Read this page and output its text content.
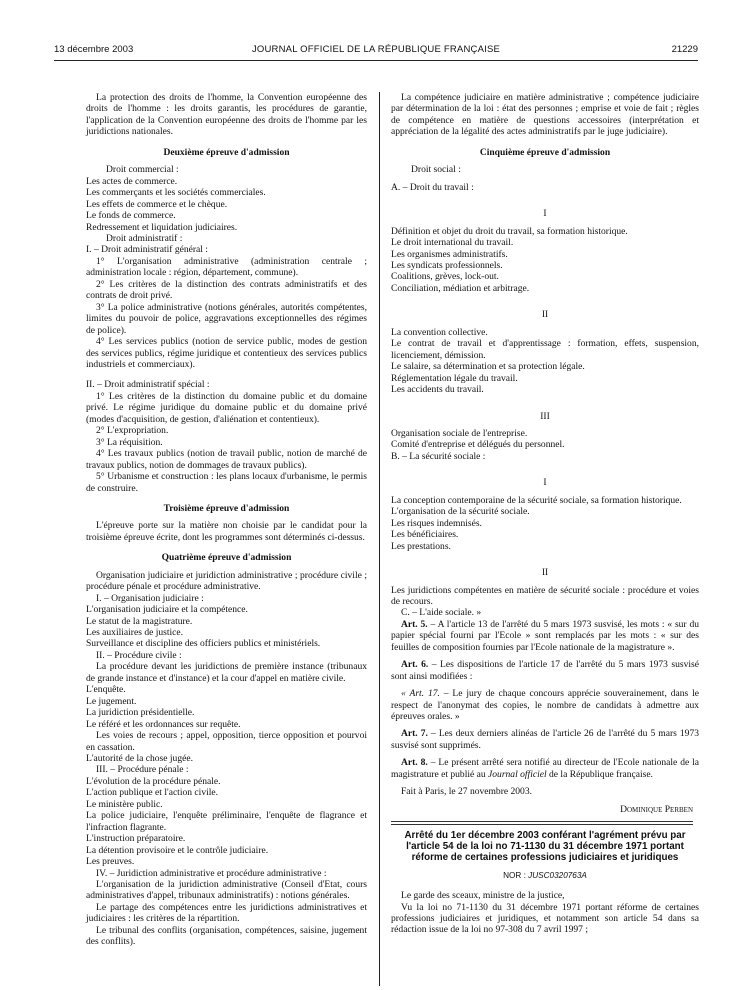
13 décembre 2003	JOURNAL OFFICIEL DE LA RÉPUBLIQUE FRANÇAISE	21229

La protection des droits de l'homme, la Convention européenne des droits de l'homme : les droits garantis, les procédures de garantie, l'application de la Convention européenne des droits de l'homme par les juridictions nationales.

Deuxième épreuve d'admission

Droit commercial :

Les actes de commerce.

Les commerçants et les sociétés commerciales.

Les effets de commerce et le chèque.

Le fonds de commerce.

Redressement et liquidation judiciaires.

Droit administratif :

I. – Droit administratif général :

1° L'organisation administrative (administration centrale ; administration locale : région, département, commune).

2° Les critères de la distinction des contrats administratifs et des contrats de droit privé.

3° La police administrative (notions générales, autorités compétentes, limites du pouvoir de police, aggravations exceptionnelles des régimes de police).

4° Les services publics (notion de service public, modes de gestion des services publics, régime juridique et contentieux des services publics industriels et commerciaux).

II. – Droit administratif spécial :

1° Les critères de la distinction du domaine public et du domaine privé. Le régime juridique du domaine public et du domaine privé (modes d'acquisition, de gestion, d'aliénation et contentieux).

2° L'expropriation.

3° La réquisition.

4° Les travaux publics (notion de travail public, notion de marché de travaux publics, notion de dommages de travaux publics).

5° Urbanisme et construction : les plans locaux d'urbanisme, le permis de construire.

Troisième épreuve d'admission

L'épreuve porte sur la matière non choisie par le candidat pour la troisième épreuve écrite, dont les programmes sont déterminés ci-dessus.

Quatrième épreuve d'admission

Organisation judiciaire et juridiction administrative ; procédure civile ; procédure pénale et procédure administrative.

I. – Organisation judiciaire :

L'organisation judiciaire et la compétence.

Le statut de la magistrature.

Les auxiliaires de justice.

Surveillance et discipline des officiers publics et ministériels.

II. – Procédure civile :

La procédure devant les juridictions de première instance (tribunaux de grande instance et d'instance) et la cour d'appel en matière civile.

L'enquête.

Le jugement.

La juridiction présidentielle.

Le référé et les ordonnances sur requête.

Les voies de recours ; appel, opposition, tierce opposition et pourvoi en cassation.

L'autorité de la chose jugée.

III. – Procédure pénale :

L'évolution de la procédure pénale.

L'action publique et l'action civile.

Le ministère public.

La police judiciaire, l'enquête préliminaire, l'enquête de flagrance et l'infraction flagrante.

L'instruction préparatoire.

La détention provisoire et le contrôle judiciaire.

Les preuves.

IV. – Juridiction administrative et procédure administrative :

L'organisation de la juridiction administrative (Conseil d'Etat, cours administratives d'appel, tribunaux administratifs) : notions générales.

Le partage des compétences entre les juridictions administratives et judiciaires : les critères de la répartition.

Le tribunal des conflits (organisation, compétences, saisine, jugement des conflits).

La compétence judiciaire en matière administrative ; compétence judiciaire par détermination de la loi : état des personnes ; emprise et voie de fait ; règles de compétence en matière de questions accessoires (interprétation et appréciation de la légalité des actes administratifs par le juge judiciaire).

Cinquième épreuve d'admission

Droit social :

A. – Droit du travail :

I

Définition et objet du droit du travail, sa formation historique.

Le droit international du travail.

Les organismes administratifs.

Les syndicats professionnels.

Coalitions, grèves, lock-out.

Conciliation, médiation et arbitrage.

II

La convention collective.

Le contrat de travail et d'apprentissage : formation, effets, suspension, licenciement, démission.

Le salaire, sa détermination et sa protection légale.

Réglementation légale du travail.

Les accidents du travail.

III

Organisation sociale de l'entreprise.

Comité d'entreprise et délégués du personnel.

B. – La sécurité sociale :

I

La conception contemporaine de la sécurité sociale, sa formation historique.

L'organisation de la sécurité sociale.

Les risques indemnisés.

Les bénéficiaires.

Les prestations.

II

Les juridictions compétentes en matière de sécurité sociale : procédure et voies de recours.

C. – L'aide sociale. »

Art. 5. – A l'article 13 de l'arrêté du 5 mars 1973 susvisé, les mots : « sur du papier spécial fourni par l'Ecole » sont remplacés par les mots : « sur des feuilles de composition fournies par l'Ecole nationale de la magistrature ».

Art. 6. – Les dispositions de l'article 17 de l'arrêté du 5 mars 1973 susvisé sont ainsi modifiées :

« Art. 17. – Le jury de chaque concours apprécie souverainement, dans le respect de l'anonymat des copies, le nombre de candidats à admettre aux épreuves orales. »

Art. 7. – Les deux derniers alinéas de l'article 26 de l'arrêté du 5 mars 1973 susvisé sont supprimés.

Art. 8. – Le présent arrêté sera notifié au directeur de l'Ecole nationale de la magistrature et publié au Journal officiel de la République française.

Fait à Paris, le 27 novembre 2003.

Dominique Perben

Arrêté du 1er décembre 2003 conférant l'agrément prévu par l'article 54 de la loi no 71-1130 du 31 décembre 1971 portant réforme de certaines professions judiciaires et juridiques

NOR : JUSC0320763A

Le garde des sceaux, ministre de la justice,

Vu la loi no 71-1130 du 31 décembre 1971 portant réforme de certaines professions judiciaires et juridiques, et notamment son article 54 dans sa rédaction issue de la loi no 97-308 du 7 avril 1997 ;
